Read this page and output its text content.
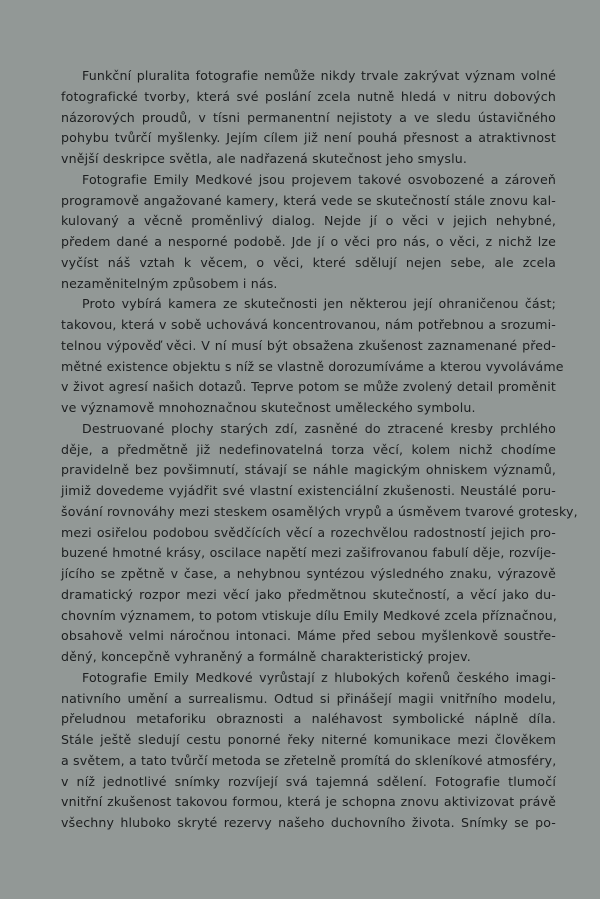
Funkční pluralita fotografie nemůže nikdy trvale zakrývat význam volné
fotografické tvorby, která své poslání zcela nutně hledá v nitru dobových
názorových proudů, v tísni permanentní nejistoty a ve sledu ústavičného
pohybu tvůrčí myšlenky. Jejím cílem již není pouhá přesnost a atraktivnost
vnější deskripce světla, ale nadřazená skutečnost jeho smyslu.
Fotografie Emily Medkové jsou projevem takové osvobozené a zároveň
programově angažované kamery, která vede se skutečností stále znovu kal-
kulovaný a věcně proměnlivý dialog. Nejde jí o věci v jejich nehybné,
předem dané a nesporné podobě. Jde jí o věci pro nás, o věci, z nichž lze
vyčíst náš vztah k věcem, o věci, které sdělují nejen sebe, ale zcela
nezaměnitelným způsobem i nás.
Proto vybírá kamera ze skutečnosti jen některou její ohraničenou část;
takovou, která v sobě uchovává koncentrovanou, nám potřebnou a srozumi-
telnou výpověď věci. V ní musí být obsažena zkušenost zaznamenané před-
mětné existence objektu s níž se vlastně dorozumíváme a kterou vyvoláváme
v život agresí našich dotazů. Teprve potom se může zvolený detail proměnit
ve významově mnohoznačnou skutečnost uměleckého symbolu.
Destruované plochy starých zdí, zasněné do ztracené kresby prchlého
děje, a předmětně již nedefinovatelná torza věcí, kolem nichž chodíme
pravidelně bez povšimnutí, stávají se náhle magickým ohniskem významů,
jimiž dovedeme vyjádřit své vlastní existenciální zkušenosti. Neustálé poru-
šování rovnováhy mezi steskem osamělých vrypů a úsměvem tvarové grotesky,
mezi osiřelou podobou svědčících věcí a rozechvělou radostností jejich pro-
buzené hmotné krásy, oscilace napětí mezi zašifrovanou fabulí děje, rozvíje-
jícího se zpětně v čase, a nehybnou syntézou výsledného znaku, výrazově
dramatický rozpor mezi věcí jako předmětnou skutečností, a věcí jako du-
chovním významem, to potom vtiskuje dílu Emily Medkové zcela příznačnou,
obsahově velmi náročnou intonaci. Máme před sebou myšlenkově soustře-
děný, koncepčně vyhraněný a formálně charakteristický projev.
Fotografie Emily Medkové vyrůstají z hlubokých kořenů českého imagi-
nativního umění a surrealismu. Odtud si přinášejí magii vnitřního modelu,
přeludnou metaforiku obraznosti a naléhavost symbolické náplně díla.
Stále ještě sledují cestu ponorné řeky niterné komunikace mezi člověkem
a světem, a tato tvůrčí metoda se zřetelně promítá do skleníkové atmosféry,
v níž jednotlivé snímky rozvíjejí svá tajemná sdělení. Fotografie tlumočí
vnitřní zkušenost takovou formou, která je schopna znovu aktivizovat právě
všechny hluboko skryté rezervy našeho duchovního života. Snímky se po-
